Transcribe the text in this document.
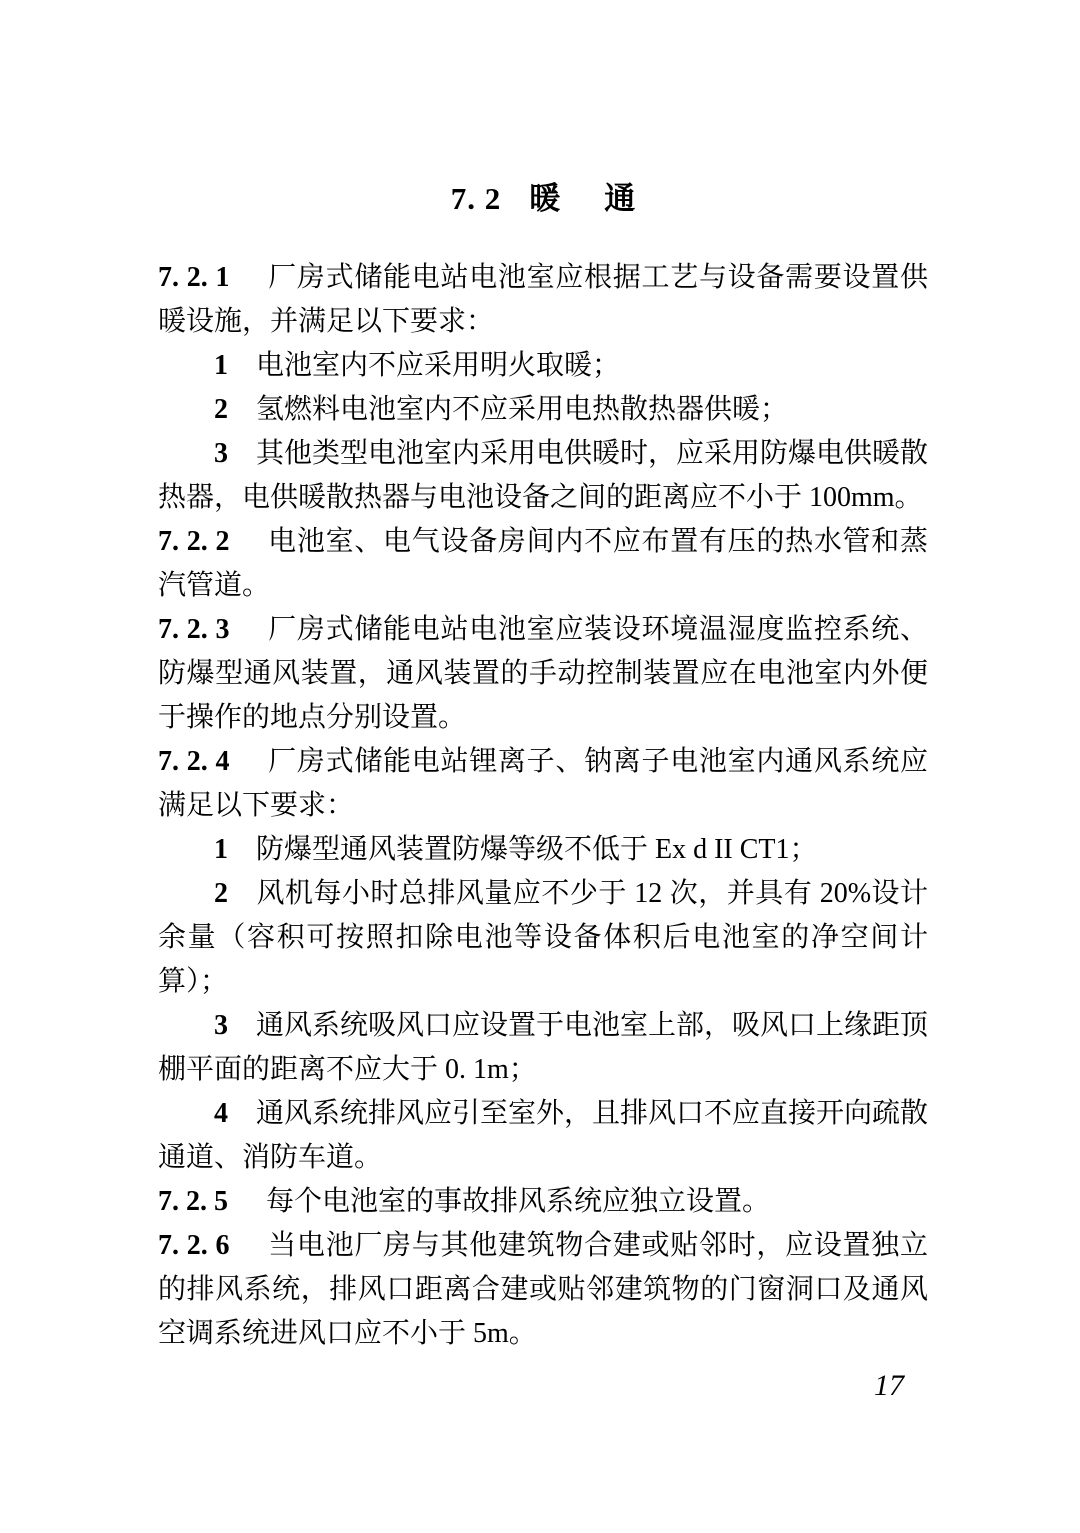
7. 2 暖 通

7. 2. 1 厂房式储能电站电池室应根据工艺与设备需要设置供暖设施，并满足以下要求：

1 电池室内不应采用明火取暖；

2 氢燃料电池室内不应采用电热散热器供暖；

3 其他类型电池室内采用电供暖时，应采用防爆电供暖散热器，电供暖散热器与电池设备之间的距离应不小于 100mm。

7. 2. 2 电池室、电气设备房间内不应布置有压的热水管和蒸汽管道。

7. 2. 3 厂房式储能电站电池室应装设环境温湿度监控系统、防爆型通风装置，通风装置的手动控制装置应在电池室内外便于操作的地点分别设置。

7. 2. 4 厂房式储能电站锂离子、钠离子电池室内通风系统应满足以下要求：

1 防爆型通风装置防爆等级不低于 Ex d II CT1；

2 风机每小时总排风量应不少于 12 次，并具有 20%设计余量（容积可按照扣除电池等设备体积后电池室的净空间计算）；

3 通风系统吸风口应设置于电池室上部，吸风口上缘距顶棚平面的距离不应大于 0. 1m；

4 通风系统排风应引至室外，且排风口不应直接开向疏散通道、消防车道。

7. 2. 5 每个电池室的事故排风系统应独立设置。

7. 2. 6 当电池厂房与其他建筑物合建或贴邻时，应设置独立的排风系统，排风口距离合建或贴邻建筑物的门窗洞口及通风空调系统进风口应不小于 5m。

17
